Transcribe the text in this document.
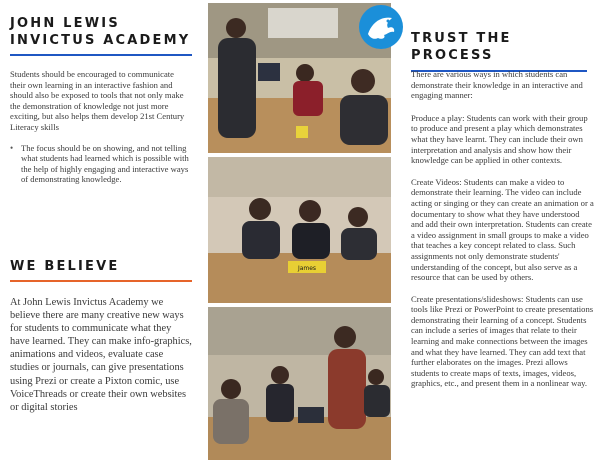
JOHN LEWIS
INVICTUS ACADEMY

Students should be encouraged to communicate their own learning in an interactive fashion and should also be exposed to tools that not only make the demonstration of knowledge not just more exciting, but also helps them develop 21st Century Literacy skills

• The focus should be on showing, and not telling what students had learned which is possible with the help of highly engaging and interactive ways of demonstrating knowledge.

WE BELIEVE

At John Lewis Invictus Academy we believe there are many creative new ways for students to communicate what they have learned. They can make info-graphics, animations and videos, evaluate case studies or journals, can give presentations using Prezi or create a Pixton comic, use VoiceThreads or create their own websites or digital stories

James
TRUST THE PROCESS

There are various ways in which students can demonstrate their knowledge in an interactive and engaging manner:

Produce a play: Students can work with their group to produce and present a play which demonstrates what they have learnt. They can include their own interpretation and analysis and show how their knowledge can be applied in other contexts.

Create Videos: Students can make a video to demonstrate their learning. The video can include acting or singing or they can create an animation or a documentary to show what they have understood and add their own interpretation. Students can create a video assignment in small groups to make a video that teaches a key concept related to class. Such assignments not only demonstrate students' understanding of the concept, but also serve as a resource that can be used by others.

Create presentations/slideshows: Students can use tools like Prezi or PowerPoint to create presentations demonstrating their learning of a concept. Students can include a series of images that relate to their learning and make connections between the images and what they have learned. They can add text that further elaborates on the images. Prezi allows students to create maps of texts, images, videos, graphics, etc., and present them in a nonlinear way.
